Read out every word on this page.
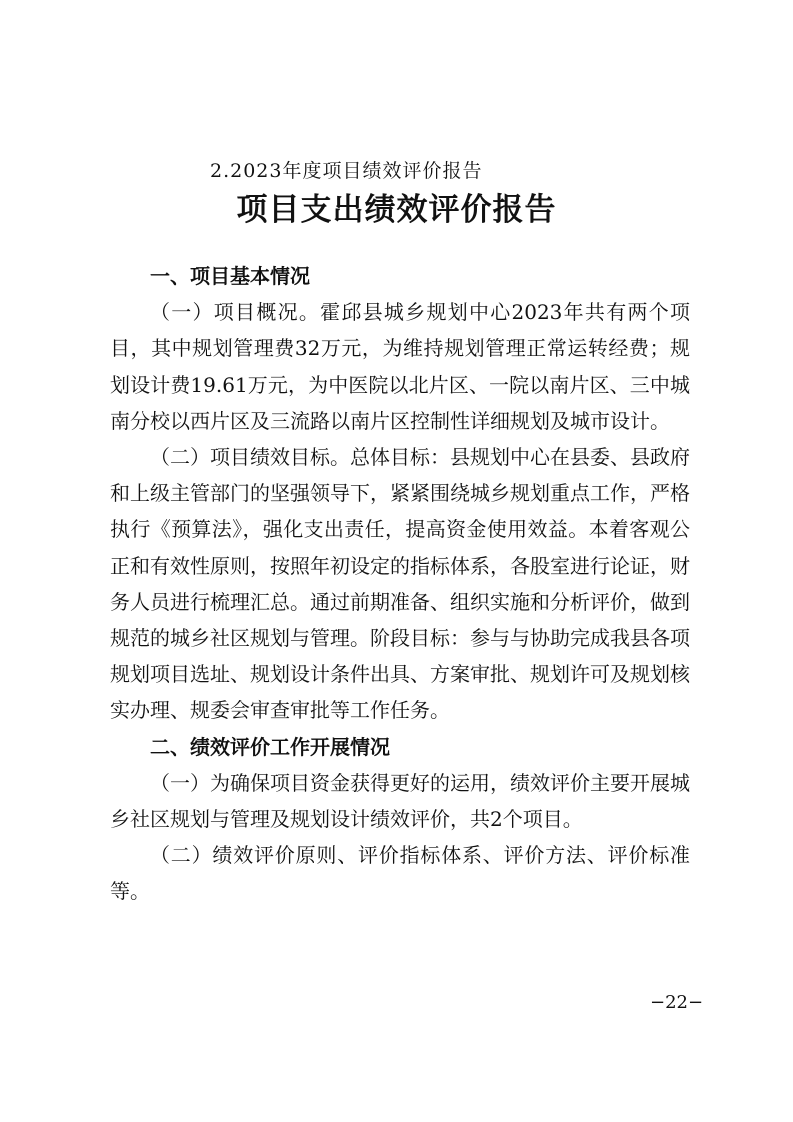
2.2023年度项目绩效评价报告
项目支出绩效评价报告

一、项目基本情况

（一）项目概况。霍邱县城乡规划中心2023年共有两个项目，其中规划管理费32万元，为维持规划管理正常运转经费；规划设计费19.61万元，为中医院以北片区、一院以南片区、三中城南分校以西片区及三流路以南片区控制性详细规划及城市设计。

（二）项目绩效目标。总体目标：县规划中心在县委、县政府和上级主管部门的坚强领导下，紧紧围绕城乡规划重点工作，严格执行《预算法》，强化支出责任，提高资金使用效益。本着客观公正和有效性原则，按照年初设定的指标体系，各股室进行论证，财务人员进行梳理汇总。通过前期准备、组织实施和分析评价，做到规范的城乡社区规划与管理。阶段目标：参与与协助完成我县各项规划项目选址、规划设计条件出具、方案审批、规划许可及规划核实办理、规委会审查审批等工作任务。

二、绩效评价工作开展情况

（一）为确保项目资金获得更好的运用，绩效评价主要开展城乡社区规划与管理及规划设计绩效评价，共2个项目。

（二）绩效评价原则、评价指标体系、评价方法、评价标准等。

−22−
